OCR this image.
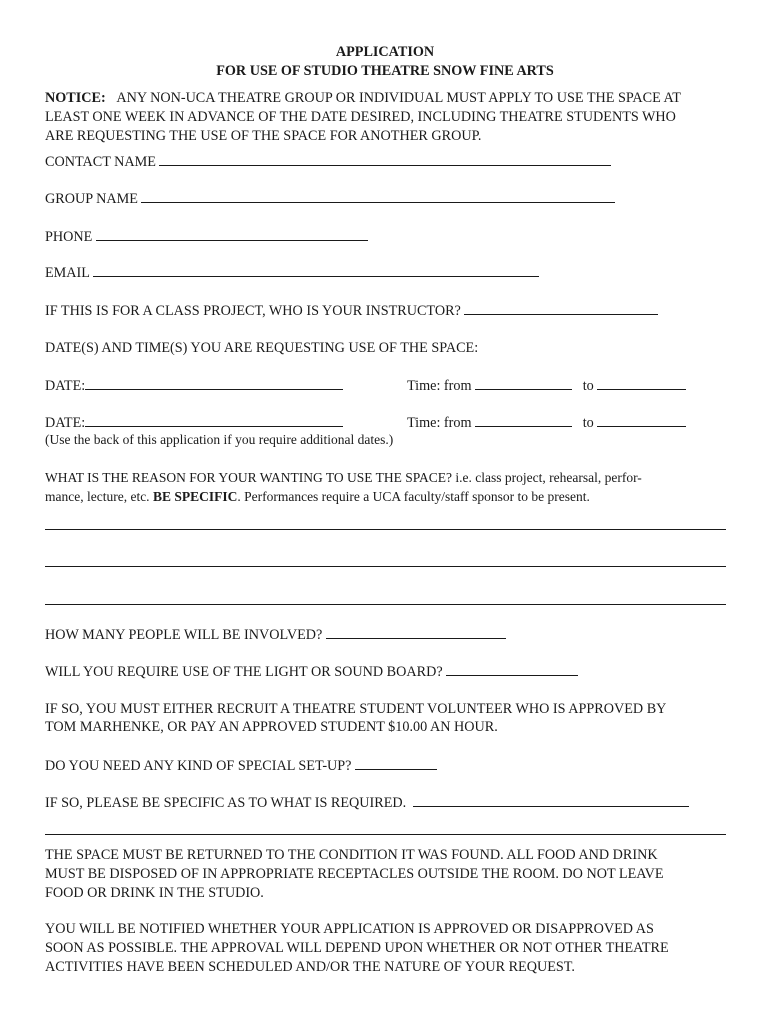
APPLICATION
FOR USE OF STUDIO THEATRE SNOW FINE ARTS
NOTICE: ANY NON-UCA THEATRE GROUP OR INDIVIDUAL MUST APPLY TO USE THE SPACE AT
LEAST ONE WEEK IN ADVANCE OF THE DATE DESIRED, INCLUDING THEATRE STUDENTS WHO
ARE REQUESTING THE USE OF THE SPACE FOR ANOTHER GROUP.
CONTACT NAME
GROUP NAME
PHONE
EMAIL
IF THIS IS FOR A CLASS PROJECT, WHO IS YOUR INSTRUCTOR?
DATE(S) AND TIME(S) YOU ARE REQUESTING USE OF THE SPACE:
DATE:	Time: from	to
DATE:	Time: from	to
(Use the back of this application if you require additional dates.)
WHAT IS THE REASON FOR YOUR WANTING TO USE THE SPACE? i.e. class project, rehearsal, perfor-
mance, lecture, etc. BE SPECIFIC. Performances require a UCA faculty/staff sponsor to be present.
HOW MANY PEOPLE WILL BE INVOLVED?
WILL YOU REQUIRE USE OF THE LIGHT OR SOUND BOARD?
IF SO, YOU MUST EITHER RECRUIT A THEATRE STUDENT VOLUNTEER WHO IS APPROVED BY
TOM MARHENKE, OR PAY AN APPROVED STUDENT $10.00 AN HOUR.
DO YOU NEED ANY KIND OF SPECIAL SET-UP?
IF SO, PLEASE BE SPECIFIC AS TO WHAT IS REQUIRED.
THE SPACE MUST BE RETURNED TO THE CONDITION IT WAS FOUND. ALL FOOD AND DRINK
MUST BE DISPOSED OF IN APPROPRIATE RECEPTACLES OUTSIDE THE ROOM. DO NOT LEAVE
FOOD OR DRINK IN THE STUDIO.
YOU WILL BE NOTIFIED WHETHER YOUR APPLICATION IS APPROVED OR DISAPPROVED AS
SOON AS POSSIBLE. THE APPROVAL WILL DEPEND UPON WHETHER OR NOT OTHER THEATRE
ACTIVITIES HAVE BEEN SCHEDULED AND/OR THE NATURE OF YOUR REQUEST.
